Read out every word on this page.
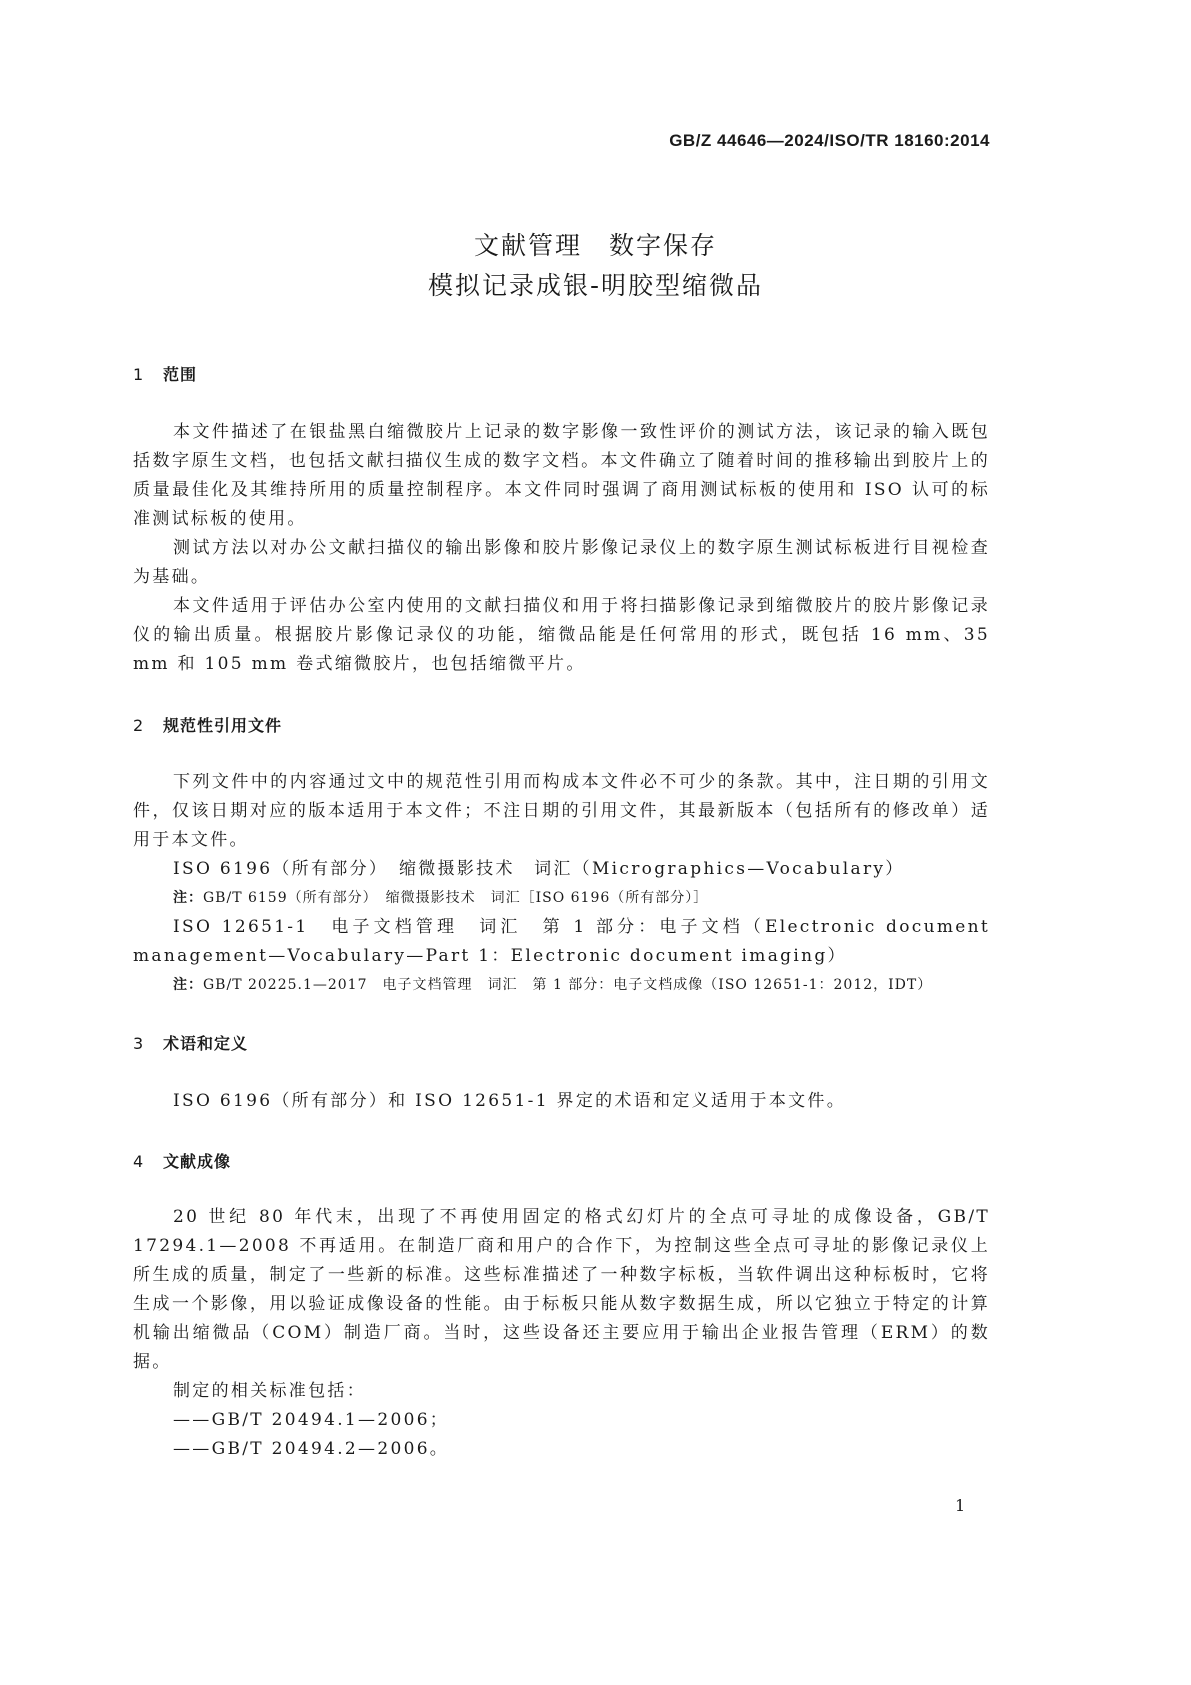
GB/Z 44646—2024/ISO/TR 18160:2014
文献管理　数字保存
模拟记录成银-明胶型缩微品
1 范围

本文件描述了在银盐黑白缩微胶片上记录的数字影像一致性评价的测试方法，该记录的输入既包括数字原生文档，也包括文献扫描仪生成的数字文档。本文件确立了随着时间的推移输出到胶片上的质量最佳化及其维持所用的质量控制程序。本文件同时强调了商用测试标板的使用和 ISO 认可的标准测试标板的使用。

测试方法以对办公文献扫描仪的输出影像和胶片影像记录仪上的数字原生测试标板进行目视检查为基础。

本文件适用于评估办公室内使用的文献扫描仪和用于将扫描影像记录到缩微胶片的胶片影像记录仪的输出质量。根据胶片影像记录仪的功能，缩微品能是任何常用的形式，既包括 16 mm、35 mm 和 105 mm 卷式缩微胶片，也包括缩微平片。

2 规范性引用文件

下列文件中的内容通过文中的规范性引用而构成本文件必不可少的条款。其中，注日期的引用文件，仅该日期对应的版本适用于本文件；不注日期的引用文件，其最新版本（包括所有的修改单）适用于本文件。

ISO 6196（所有部分）　缩微摄影技术　词汇（Micrographics—Vocabulary）

注：GB/T 6159（所有部分）　缩微摄影技术　词汇［ISO 6196（所有部分）］

ISO 12651-1　电子文档管理　词汇　第 1 部分：电子文档（Electronic document management—Vocabulary—Part 1：Electronic document imaging）

注：GB/T 20225.1—2017　电子文档管理　词汇　第 1 部分：电子文档成像（ISO 12651-1：2012，IDT）

3 术语和定义

ISO 6196（所有部分）和 ISO 12651-1 界定的术语和定义适用于本文件。

4 文献成像

20 世纪 80 年代末，出现了不再使用固定的格式幻灯片的全点可寻址的成像设备，GB/T 17294.1—2008 不再适用。在制造厂商和用户的合作下，为控制这些全点可寻址的影像记录仪上所生成的质量，制定了一些新的标准。这些标准描述了一种数字标板，当软件调出这种标板时，它将生成一个影像，用以验证成像设备的性能。由于标板只能从数字数据生成，所以它独立于特定的计算机输出缩微品（COM）制造厂商。当时，这些设备还主要应用于输出企业报告管理（ERM）的数据。

制定的相关标准包括：

——GB/T 20494.1—2006；

——GB/T 20494.2—2006。

1
